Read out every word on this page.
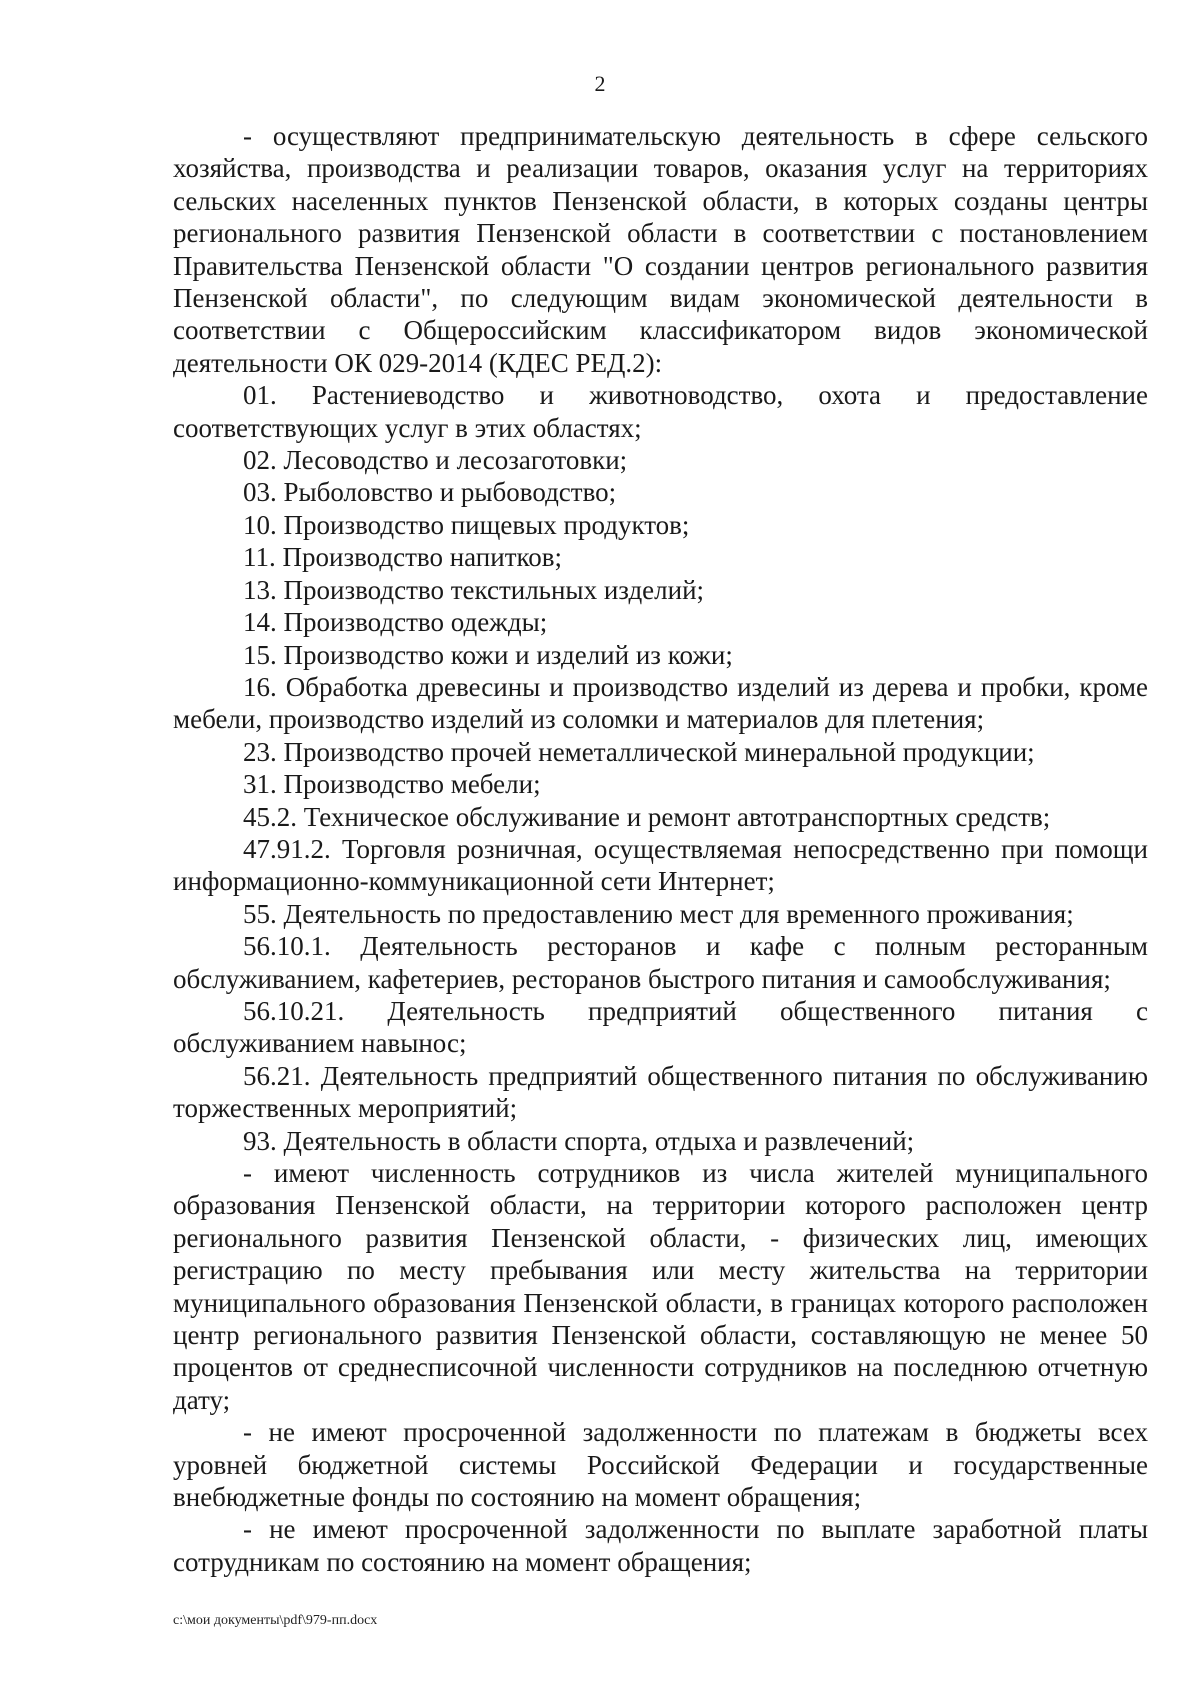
2

- осуществляют предпринимательскую деятельность в сфере сельского хозяйства, производства и реализации товаров, оказания услуг на территориях сельских населенных пунктов Пензенской области, в которых созданы центры регионального развития Пензенской области в соответствии с постановлением Правительства Пензенской области "О создании центров регионального развития Пензенской области", по следующим видам экономической деятельности в соответствии с Общероссийским классификатором видов экономической деятельности ОК 029-2014 (КДЕС РЕД.2):

01. Растениеводство и животноводство, охота и предоставление соответствующих услуг в этих областях;

02. Лесоводство и лесозаготовки;

03. Рыболовство и рыбоводство;

10. Производство пищевых продуктов;

11. Производство напитков;

13. Производство текстильных изделий;

14. Производство одежды;

15. Производство кожи и изделий из кожи;

16. Обработка древесины и производство изделий из дерева и пробки, кроме мебели, производство изделий из соломки и материалов для плетения;

23. Производство прочей неметаллической минеральной продукции;

31. Производство мебели;

45.2. Техническое обслуживание и ремонт автотранспортных средств;

47.91.2. Торговля розничная, осуществляемая непосредственно при помощи информационно-коммуникационной сети Интернет;

55. Деятельность по предоставлению мест для временного проживания;

56.10.1. Деятельность ресторанов и кафе с полным ресторанным обслуживанием, кафетериев, ресторанов быстрого питания и самообслуживания;

56.10.21. Деятельность предприятий общественного питания с обслуживанием навынос;

56.21. Деятельность предприятий общественного питания по обслуживанию торжественных мероприятий;

93. Деятельность в области спорта, отдыха и развлечений;

- имеют численность сотрудников из числа жителей муниципального образования Пензенской области, на территории которого расположен центр регионального развития Пензенской области, - физических лиц, имеющих регистрацию по месту пребывания или месту жительства на территории муниципального образования Пензенской области, в границах которого расположен центр регионального развития Пензенской области, составляющую не менее 50 процентов от среднесписочной численности сотрудников на последнюю отчетную дату;

- не имеют просроченной задолженности по платежам в бюджеты всех уровней бюджетной системы Российской Федерации и государственные внебюджетные фонды по состоянию на момент обращения;

- не имеют просроченной задолженности по выплате заработной платы сотрудникам по состоянию на момент обращения;

c:\мои документы\pdf\979-пп.docx
